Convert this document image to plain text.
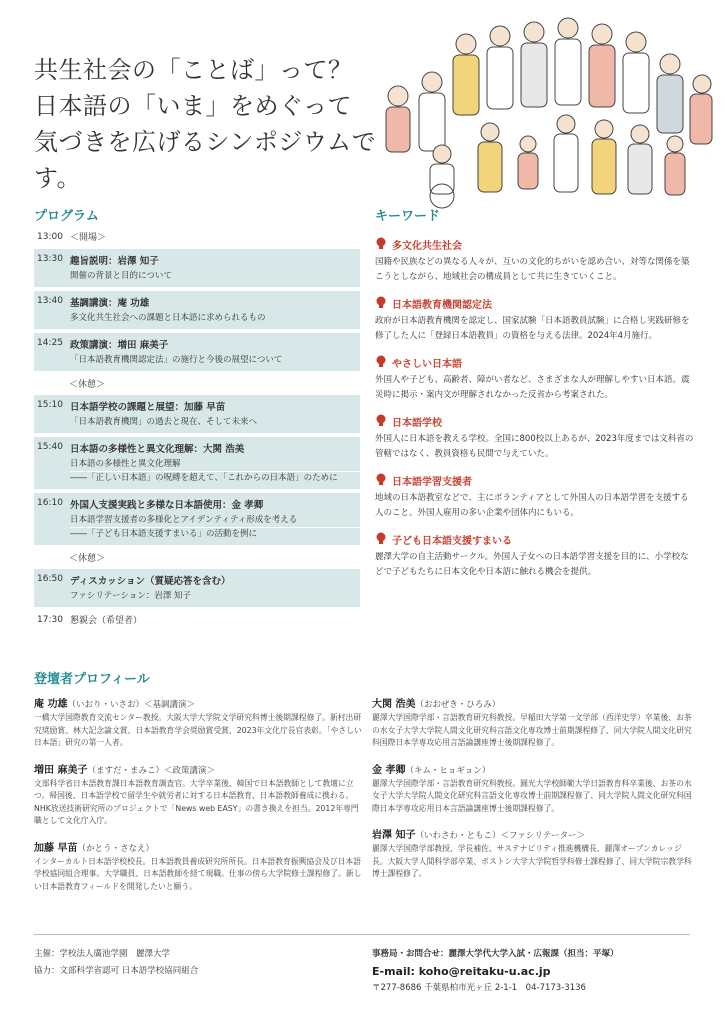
共生社会の「ことば」って？
日本語の「いま」をめぐって
気づきを広げるシンポジウムです。
プログラム
13:00 ＜開場＞
13:30 趣旨説明：岩澤 知子
開催の背景と目的について
13:40 基調講演：庵 功雄
多文化共生社会への課題と日本語に求められるもの
14:25 政策講演：増田 麻美子
「日本語教育機関認定法」の施行と今後の展望について
＜休憩＞
15:10 日本語学校の課題と展望：加藤 早苗
「日本語教育機関」の過去と現在、そして未来へ
15:40 日本語の多様性と異文化理解：大関 浩美
日本語の多様性と異文化理解
――「正しい日本語」の呪縛を超えて、「これからの日本語」のために
16:10 外国人支援実践と多様な日本語使用：金 孝卿
日本語学習支援者の多様化とアイデンティティ形成を考える
――「子ども日本語支援すまいる」の活動を例に
＜休憩＞
16:50 ディスカッション（質疑応答を含む）
ファシリテーション：岩澤 知子
17:30 懇親会（希望者）
キーワード
多文化共生社会
国籍や民族などの異なる人々が、互いの文化的ちがいを認め合い、対等な関係を築こうとしながら、地域社会の構成員として共に生きていくこと。
日本語教育機関認定法
政府が日本語教育機関を認定し、国家試験「日本語教員試験」に合格し実践研修を修了した人に「登録日本語教員」の資格を与える法律。2024年4月施行。
やさしい日本語
外国人や子ども、高齢者、障がい者など、さまざまな人が理解しやすい日本語。震災時に掲示・案内文が理解されなかった反省から考案された。
日本語学校
外国人に日本語を教える学校。全国に800校以上あるが、2023年度までは文科省の管轄ではなく、教員資格も民間で与えていた。
日本語学習支援者
地域の日本語教室などで、主にボランティアとして外国人の日本語学習を支援する人のこと。外国人雇用の多い企業や団体内にもいる。
子ども日本語支援すまいる
麗澤大学の自主活動サークル。外国人子女への日本語学習支援を目的に、小学校などで子どもたちに日本文化や日本語に触れる機会を提供。
登壇者プロフィール
庵 功雄（いおり・いさお）＜基調講演＞
一橋大学国際教育交流センター教授。大阪大学大学院文学研究科博士後期課程修了。新村出研究奨励賞、林大記念論文賞、日本語教育学会奨励賞受賞、2023年文化庁長官表彰。「やさしい日本語」研究の第一人者。
増田 麻美子（ますだ・まみこ）＜政策講演＞
文部科学省日本語教育課日本語教育調査官。大学卒業後、韓国で日本語教師として教壇に立つ。帰国後、日本語学校で留学生や就労者に対する日本語教育、日本語教師養成に携わる。NHK放送技術研究所のプロジェクトで「News web EASY」の書き換えを担当。2012年専門職として文化庁入庁。
加藤 早苗（かとう・さなえ）
インターカルト日本語学校校長。日本語教員養成研究所所長。日本語教育振興協会及び日本語学校協同組合理事。大学職員、日本語教師を経て現職。仕事の傍ら大学院修士課程修了。新しい日本語教育フィールドを開発したいと願う。
大関 浩美（おおぜき・ひろみ）
麗澤大学国際学部・言語教育研究科教授。早稲田大学第一文学部（西洋史学）卒業後、お茶の水女子大学大学院人間文化研究科言語文化専攻博士前期課程修了、同大学院人間文化研究科国際日本学専攻応用言語論講座博士後期課程修了。
金 孝卿（キム・ヒョギョン）
麗澤大学国際学部・言語教育研究科教授。圓光大学校師範大学日語教育科卒業後、お茶の水女子大学大学院人間文化研究科言語文化専攻博士前期課程修了、同大学院人間文化研究科国際日本学専攻応用日本言語論講座博士後期課程修了。
岩澤 知子（いわさわ・ともこ）＜ファシリテーター＞
麗澤大学国際学部教授、学長補佐、サステナビリティ推進機構長、麗澤オープンカレッジ長。大阪大学人間科学部卒業、ボストン大学大学院哲学科修士課程修了、同大学院宗教学科博士課程修了。
主催：学校法人廣池学園　麗澤大学
協力：文部科学省認可 日本語学校協同組合
事務局・お問合せ：麗澤大学代大学入試・広報課（担当：平塚）
E-mail: koho@reitaku-u.ac.jp
〒277-8686 千葉県柏市光ヶ丘 2-1-1　04-7173-3136
